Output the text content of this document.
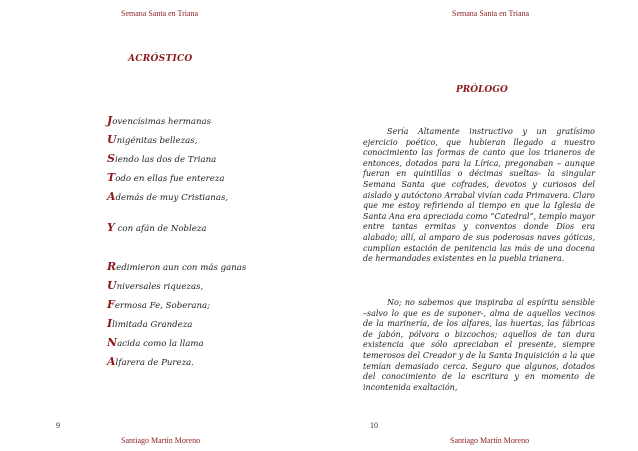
Semana Santa en Triana
ACRÓSTICO
Jovencísimas hermanas
Unigénitas bellezas,
Siendo las dos de Triana
Todo en ellas fue entereza
Además de muy Cristianas,
Y con afán de Nobleza
Redimieron aun con más ganas
Universales riquezas,
Fermosa Fe, Soberana;
Ilimitada Grandeza
Nacida como la llama
Alfarera de Pureza.
9
Santiago Martín Moreno
Semana Santa en Triana
PRÓLOGO

Sería Altamente instructivo y un gratísimo ejercicio poético, que hubieran llegado a nuestro conocimiento las formas de canto que los trianeros de entonces, dotados para la Lírica, pregonaban – aunque fueran en quintillas o décimas sueltas- la singular Semana Santa que cofrades, devotos y curiosos del aislado y autóctono Arrabal vivían cada Primavera. Claro que me estoy refiriendo al tiempo en que la Iglesia de Santa Ana era apreciada como “Catedral”, templo mayor entre tantas ermitas y conventos donde Dios era alabado; allí, al amparo de sus poderosas naves góticas, cumplían estación de penitencia las más de una docena de hermandades existentes en la puebla trianera.

No; no sabemos que inspiraba al espíritu sensible –salvo lo que es de suponer-, alma de aquellos vecinos de la marinería, de los alfares, las huertas, las fábricas de jabón, pólvora o bizcochos; aquellos de tan dura existencia que sólo apreciaban el presente, siempre temerosos del Creador y de la Santa Inquisición a la que temían demasiado cerca. Seguro que algunos, dotados del conocimiento de la escritura y en momento de incontenida exaltación,

10
Santiago Martín Moreno
